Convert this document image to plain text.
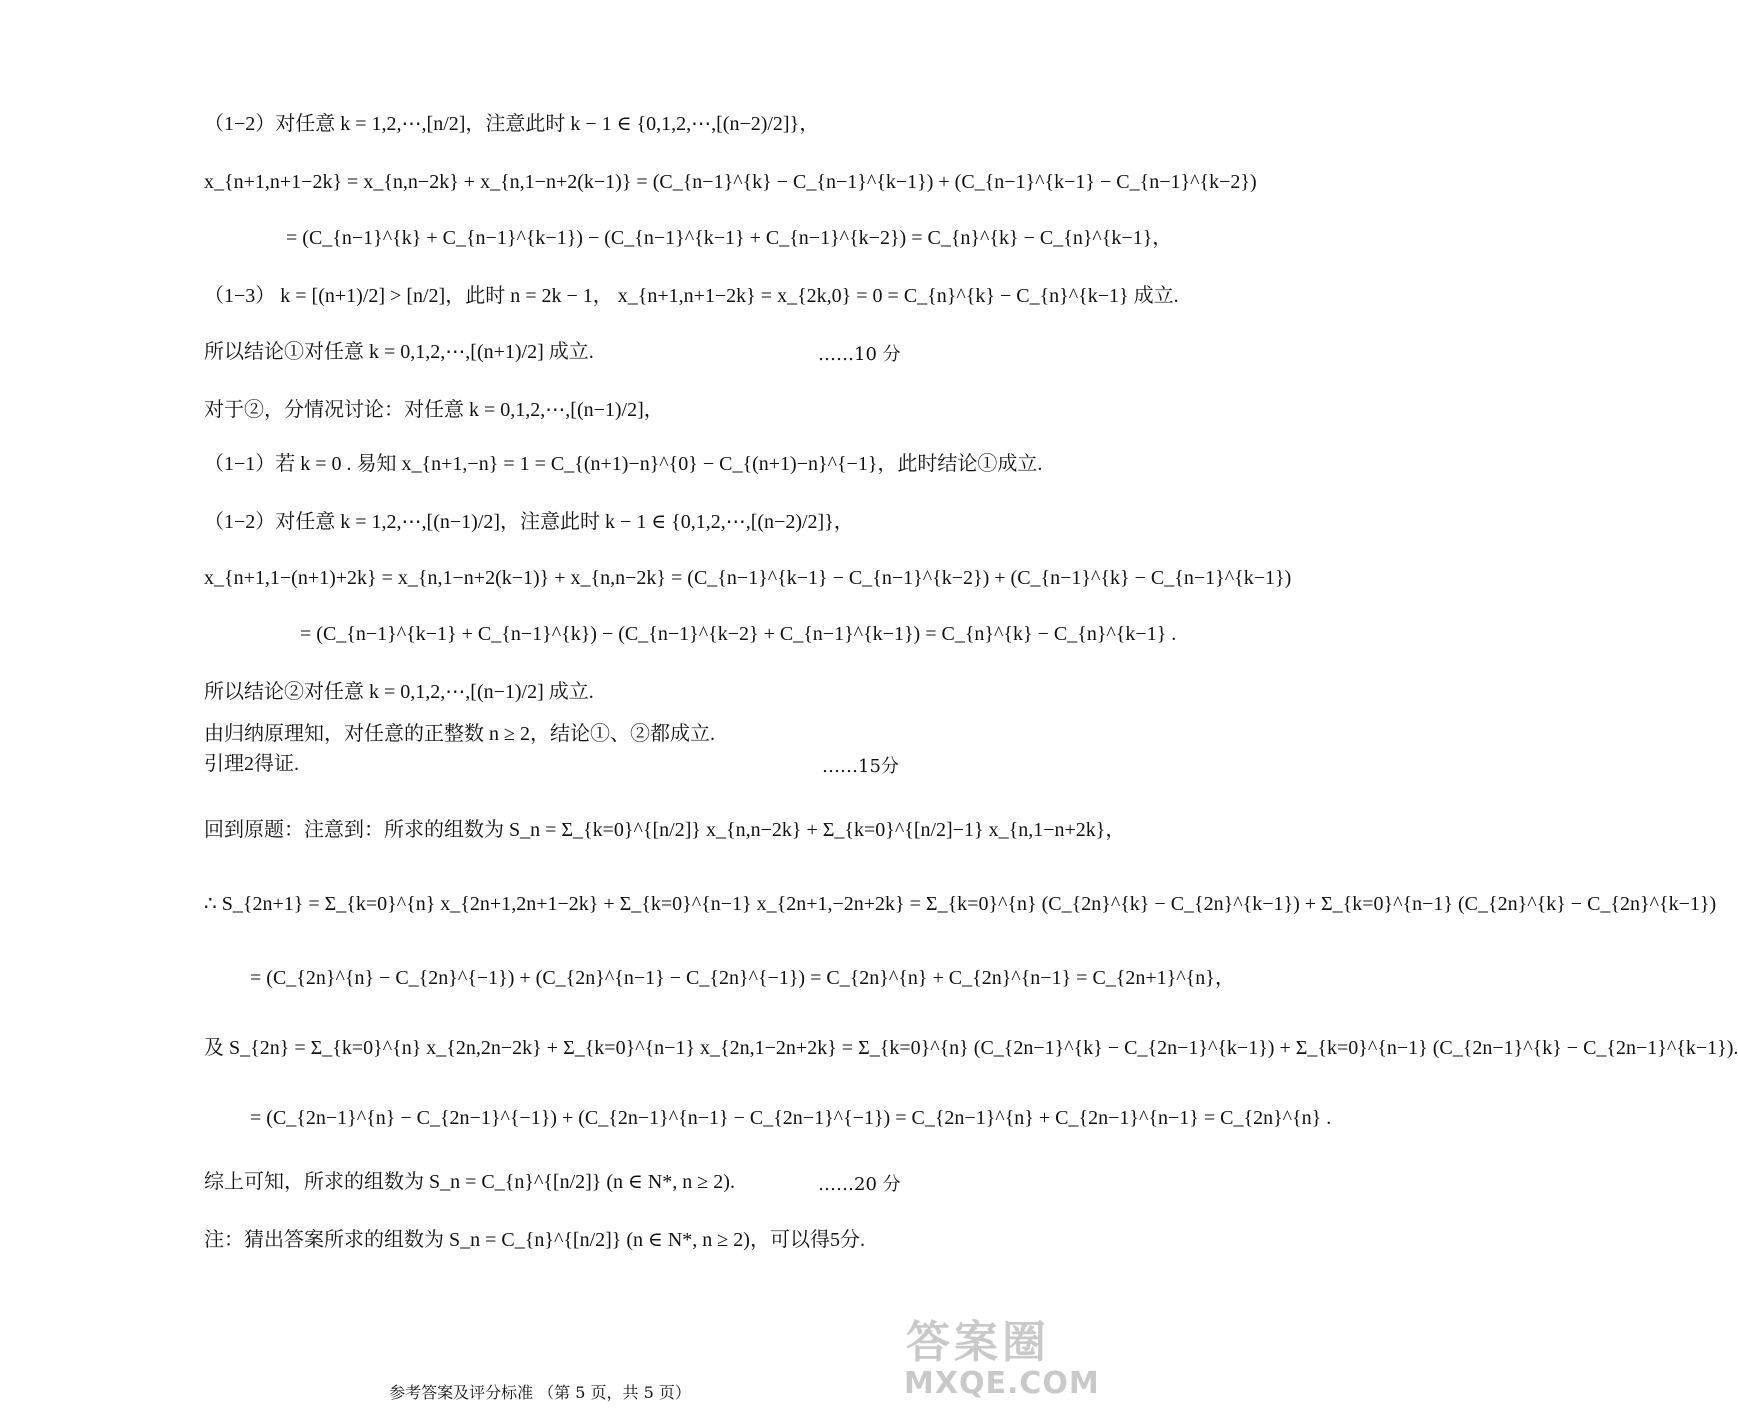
（1−2）对任意 k = 1,2,⋯,[n/2]，注意此时 k − 1 ∈ {0,1,2,⋯,[(n−2)/2]}，
x_{n+1,n+1−2k} = x_{n,n−2k} + x_{n,1−n+2(k−1)} = (C_{n−1}^{k} − C_{n−1}^{k−1}) + (C_{n−1}^{k−1} − C_{n−1}^{k−2})
= (C_{n−1}^{k} + C_{n−1}^{k−1}) − (C_{n−1}^{k−1} + C_{n−1}^{k−2}) = C_{n}^{k} − C_{n}^{k−1}，
（1−3） k = [(n+1)/2] > [n/2]，此时 n = 2k − 1， x_{n+1,n+1−2k} = x_{2k,0} = 0 = C_{n}^{k} − C_{n}^{k−1} 成立.
所以结论①对任意 k = 0,1,2,⋯,[(n+1)/2] 成立.	……10 分
对于②，分情况讨论：对任意 k = 0,1,2,⋯,[(n−1)/2]，
（1−1）若 k = 0 . 易知 x_{n+1,−n} = 1 = C_{(n+1)−n}^{0} − C_{(n+1)−n}^{−1}，此时结论①成立.
（1−2）对任意 k = 1,2,⋯,[(n−1)/2]，注意此时 k − 1 ∈ {0,1,2,⋯,[(n−2)/2]}，
x_{n+1,1−(n+1)+2k} = x_{n,1−n+2(k−1)} + x_{n,n−2k} = (C_{n−1}^{k−1} − C_{n−1}^{k−2}) + (C_{n−1}^{k} − C_{n−1}^{k−1})
= (C_{n−1}^{k−1} + C_{n−1}^{k}) − (C_{n−1}^{k−2} + C_{n−1}^{k−1}) = C_{n}^{k} − C_{n}^{k−1} .
所以结论②对任意 k = 0,1,2,⋯,[(n−1)/2] 成立.
由归纳原理知，对任意的正整数 n ≥ 2，结论①、②都成立.
引理2得证.	……15分
回到原题：注意到：所求的组数为 S_n = Σ_{k=0}^{[n/2]} x_{n,n−2k} + Σ_{k=0}^{[n/2]−1} x_{n,1−n+2k}，
∴ S_{2n+1} = Σ_{k=0}^{n} x_{2n+1,2n+1−2k} + Σ_{k=0}^{n−1} x_{2n+1,−2n+2k} = Σ_{k=0}^{n} (C_{2n}^{k} − C_{2n}^{k−1}) + Σ_{k=0}^{n−1} (C_{2n}^{k} − C_{2n}^{k−1})
= (C_{2n}^{n} − C_{2n}^{−1}) + (C_{2n}^{n−1} − C_{2n}^{−1}) = C_{2n}^{n} + C_{2n}^{n−1} = C_{2n+1}^{n}，
及 S_{2n} = Σ_{k=0}^{n} x_{2n,2n−2k} + Σ_{k=0}^{n−1} x_{2n,1−2n+2k} = Σ_{k=0}^{n} (C_{2n−1}^{k} − C_{2n−1}^{k−1}) + Σ_{k=0}^{n−1} (C_{2n−1}^{k} − C_{2n−1}^{k−1}).
= (C_{2n−1}^{n} − C_{2n−1}^{−1}) + (C_{2n−1}^{n−1} − C_{2n−1}^{−1}) = C_{2n−1}^{n} + C_{2n−1}^{n−1} = C_{2n}^{n} .
综上可知，所求的组数为 S_n = C_{n}^{[n/2]} (n ∈ N*, n ≥ 2).	……20 分
注：猜出答案所求的组数为 S_n = C_{n}^{[n/2]} (n ∈ N*, n ≥ 2)，可以得5分.
参考答案及评分标准 （第 5 页，共 5 页）
答案圈
MXQE.COM
